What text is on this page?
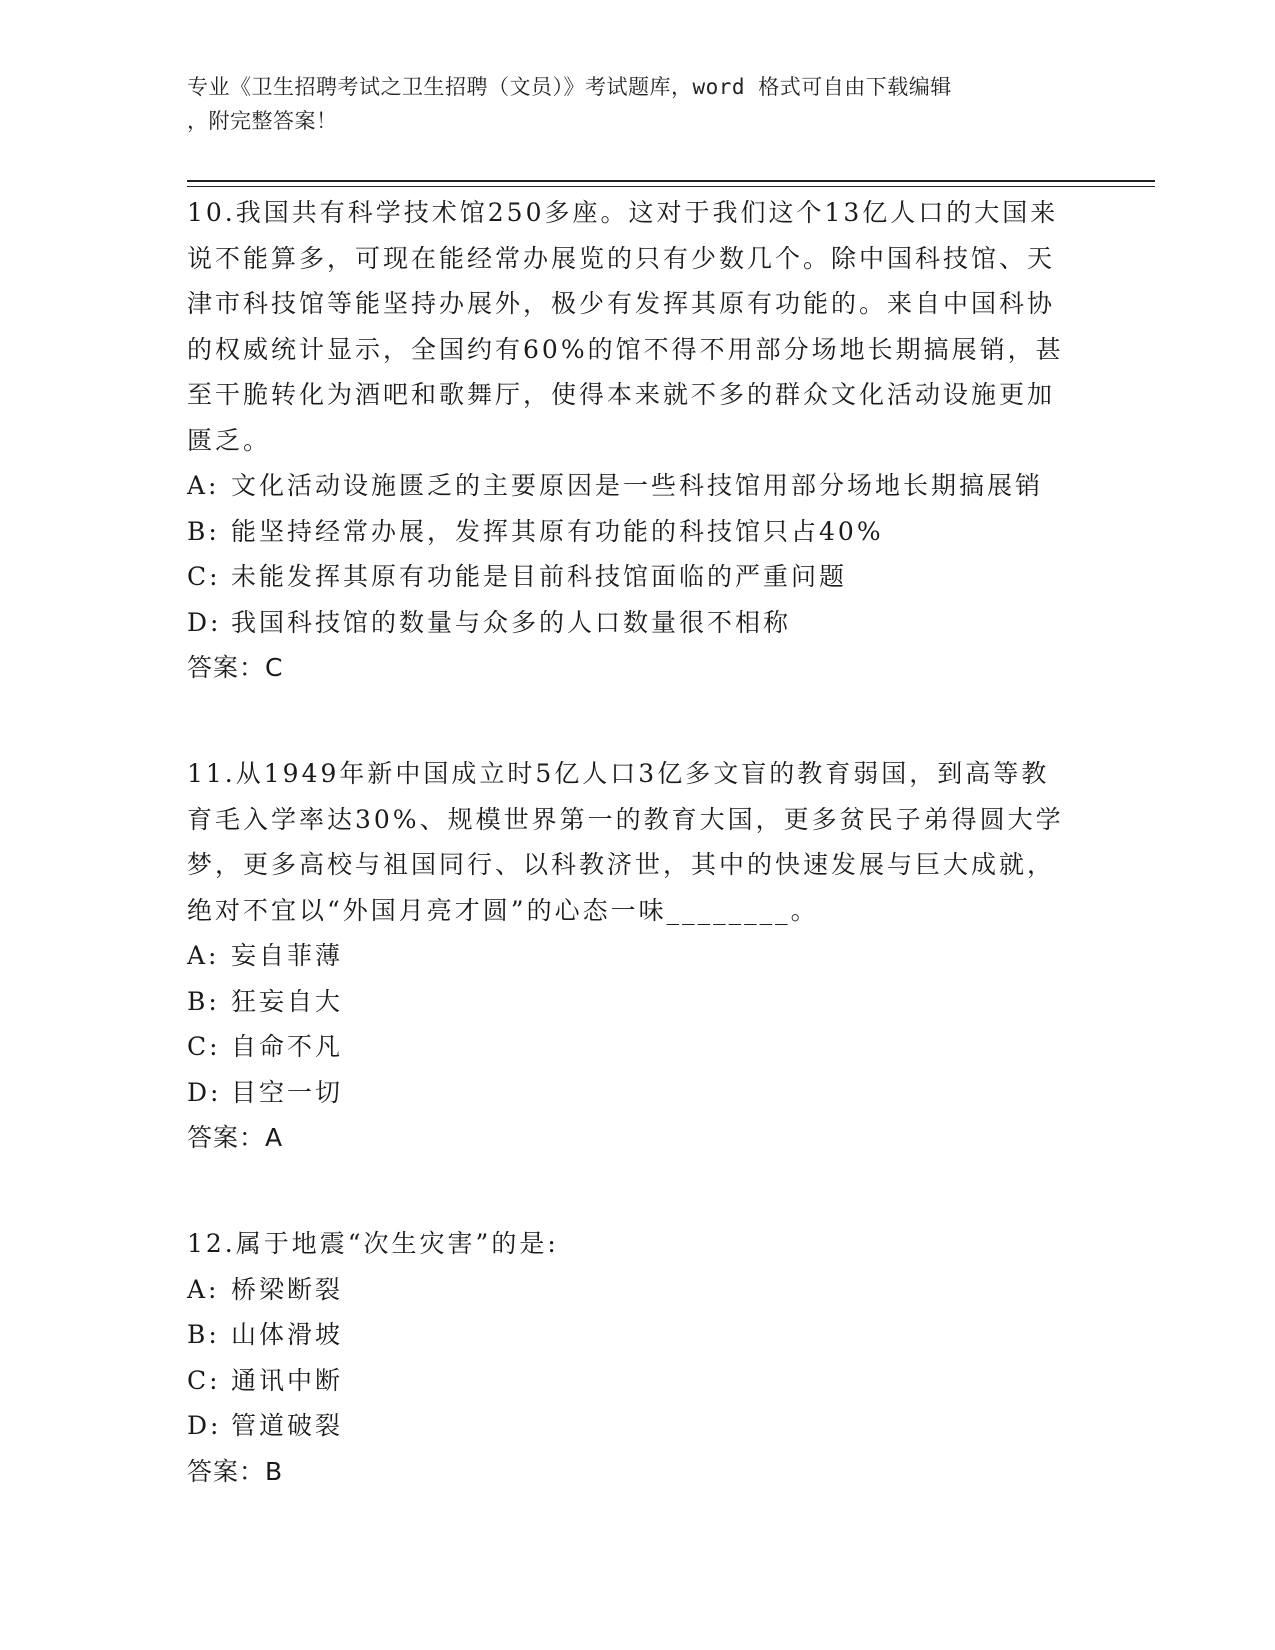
专业《卫生招聘考试之卫生招聘（文员）》考试题库，word 格式可自由下载编辑
，附完整答案！

10.我国共有科学技术馆250多座。这对于我们这个13亿人口的大国来说不能算多，可现在能经常办展览的只有少数几个。除中国科技馆、天津市科技馆等能坚持办展外，极少有发挥其原有功能的。来自中国科协的权威统计显示，全国约有60%的馆不得不用部分场地长期搞展销，甚至干脆转化为酒吧和歌舞厅，使得本来就不多的群众文化活动设施更加匮乏。

A: 文化活动设施匮乏的主要原因是一些科技馆用部分场地长期搞展销

B: 能坚持经常办展，发挥其原有功能的科技馆只占40%

C: 未能发挥其原有功能是目前科技馆面临的严重问题

D: 我国科技馆的数量与众多的人口数量很不相称

答案：C

11.从1949年新中国成立时5亿人口3亿多文盲的教育弱国，到高等教育毛入学率达30%、规模世界第一的教育大国，更多贫民子弟得圆大学梦，更多高校与祖国同行、以科教济世，其中的快速发展与巨大成就，绝对不宜以“外国月亮才圆”的心态一味________。

A: 妄自菲薄

B: 狂妄自大

C: 自命不凡

D: 目空一切

答案：A

12.属于地震“次生灾害”的是:

A: 桥梁断裂

B: 山体滑坡

C: 通讯中断

D: 管道破裂

答案：B
